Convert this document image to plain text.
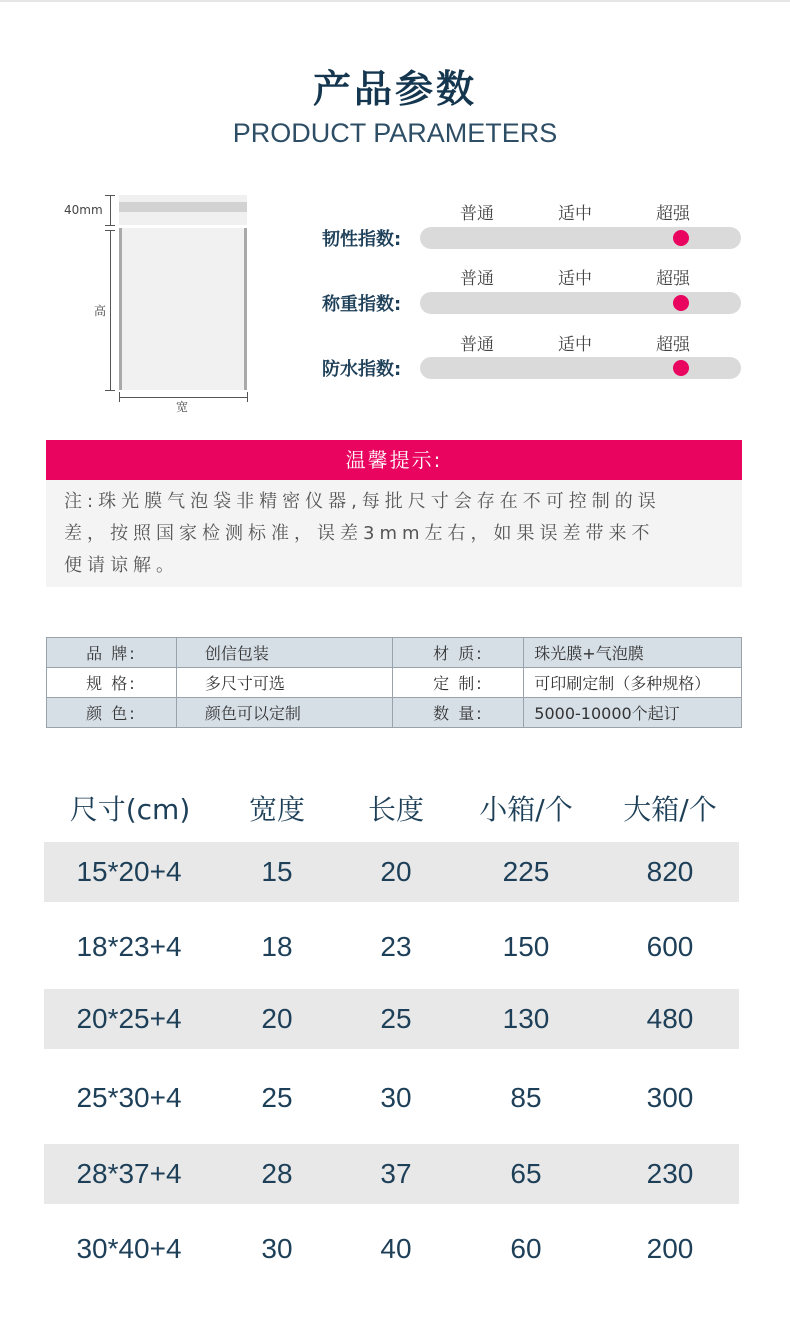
产品参数
PRODUCT PARAMETERS
40mm
高
宽
普通	适中	超强
韧性指数:
普通	适中	超强
称重指数:
普通	适中	超强
防水指数:
温馨提示:
注:珠光膜气泡袋非精密仪器,每批尺寸会存在不可控制的误
差，按照国家检测标准，误差3mm左右，如果误差带来不
便请谅解。
品 牌:	创信包装	材 质:	珠光膜+气泡膜
规 格:	多尺寸可选	定 制:	可印刷定制（多种规格）
颜 色:	颜色可以定制	数 量:	5000-10000个起订
尺寸(cm)	宽度	长度	小箱/个	大箱/个
15*20+4	15	20	225	820
18*23+4	18	23	150	600
20*25+4	20	25	130	480
25*30+4	25	30	85	300
28*37+4	28	37	65	230
30*40+4	30	40	60	200
